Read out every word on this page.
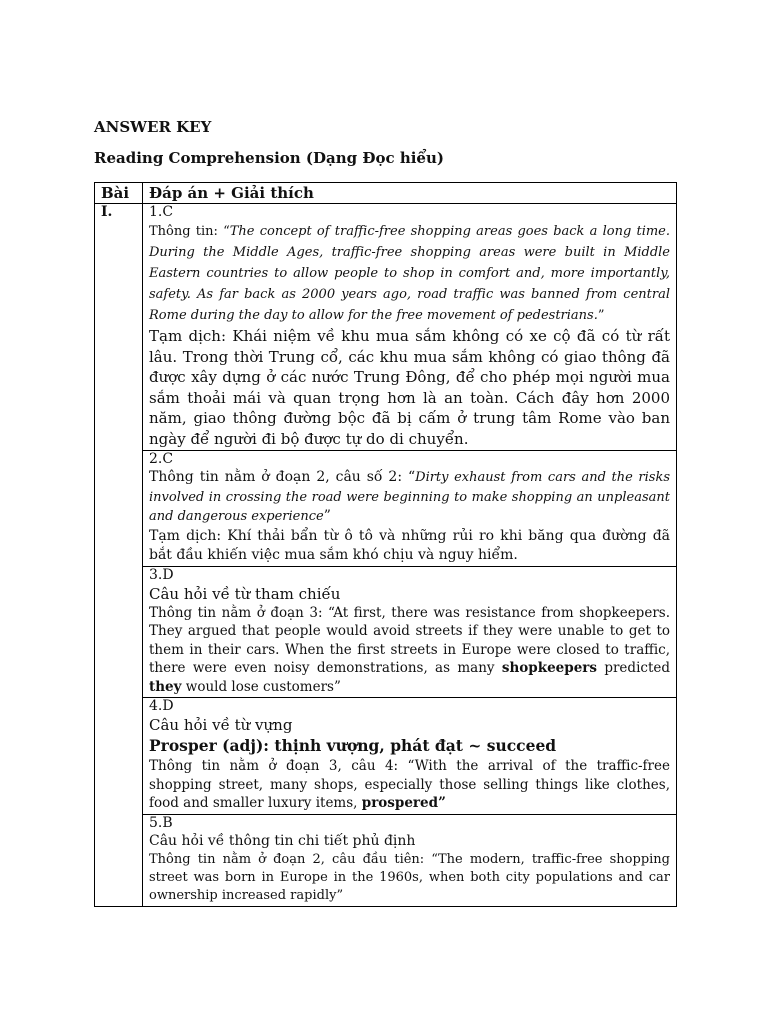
ANSWER KEY

Reading Comprehension (Dạng Đọc hiểu)

Bài	Đáp án + Giải thích
I.	1.C

Thông tin: “The concept of traffic-free shopping areas goes back a long time. During the Middle Ages, traffic-free shopping areas were built in Middle Eastern countries to allow people to shop in comfort and, more importantly, safety. As far back as 2000 years ago, road traffic was banned from central Rome during the day to allow for the free movement of pedestrians.”

Tạm dịch: Khái niệm về khu mua sắm không có xe cộ đã có từ rất lâu. Trong thời Trung cổ, các khu mua sắm không có giao thông đã được xây dựng ở các nước Trung Đông, để cho phép mọi người mua sắm thoải mái và quan trọng hơn là an toàn. Cách đây hơn 2000 năm, giao thông đường bộc đã bị cấm ở trung tâm Rome vào ban ngày để người đi bộ được tự do di chuyển.

	2.C

Thông tin nằm ở đoạn 2, câu số 2: “Dirty exhaust from cars and the risks involved in crossing the road were beginning to make shopping an unpleasant and dangerous experience”

Tạm dịch: Khí thải bẩn từ ô tô và những rủi ro khi băng qua đường đã bắt đầu khiến việc mua sắm khó chịu và nguy hiểm.

	3.D

Câu hỏi về từ tham chiếu

Thông tin nằm ở đoạn 3: “At first, there was resistance from shopkeepers. They argued that people would avoid streets if they were unable to get to them in their cars. When the first streets in Europe were closed to traffic, there were even noisy demonstrations, as many shopkeepers predicted they would lose customers”

	4.D

Câu hỏi về từ vựng

Prosper (adj): thịnh vượng, phát đạt ~ succeed

Thông tin nằm ở đoạn 3, câu 4: “With the arrival of the traffic-free shopping street, many shops, especially those selling things like clothes, food and smaller luxury items, prospered”

	5.B

Câu hỏi về thông tin chi tiết phủ định

Thông tin nằm ở đoạn 2, câu đầu tiên: “The modern, traffic-free shopping street was born in Europe in the 1960s, when both city populations and car ownership increased rapidly”
